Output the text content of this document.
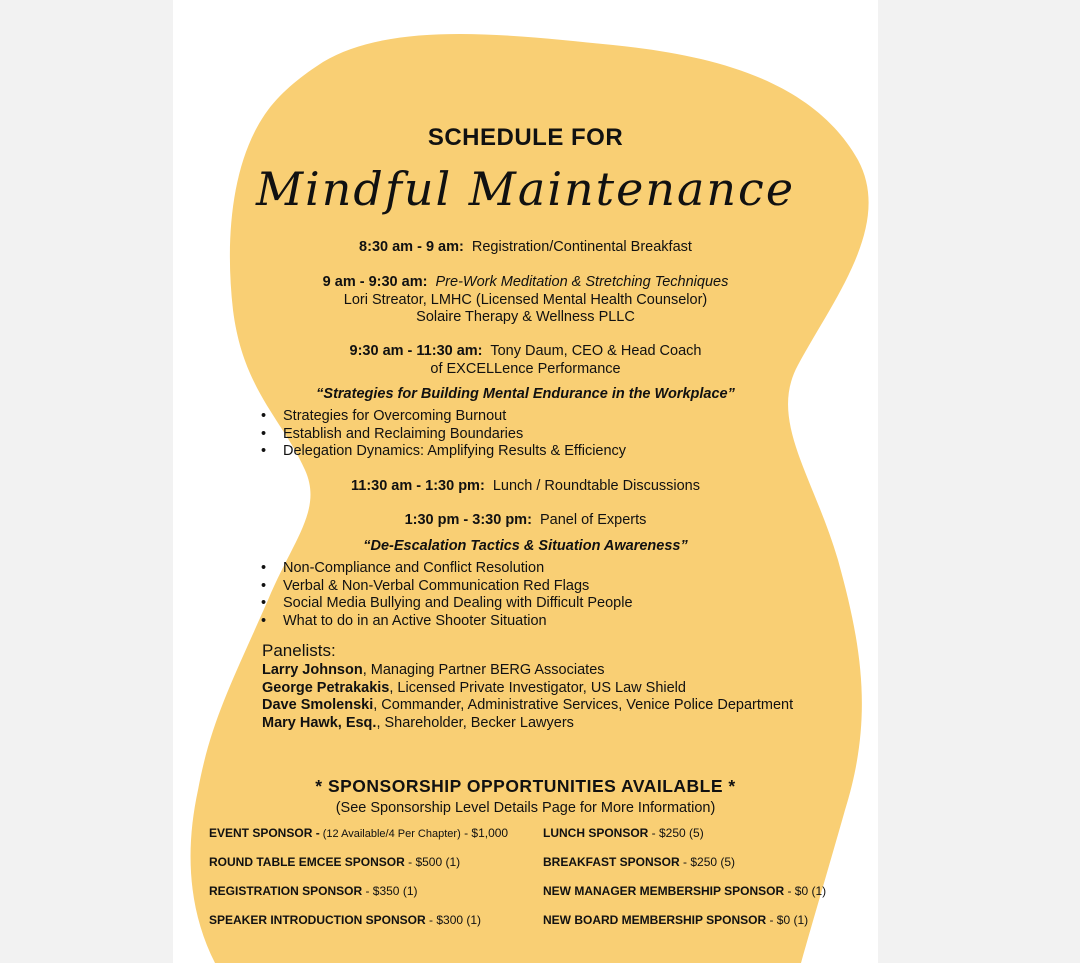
SCHEDULE FOR
Mindful Maintenance
8:30 am - 9 am: Registration/Continental Breakfast
9 am - 9:30 am: Pre-Work Meditation & Stretching Techniques
Lori Streator, LMHC (Licensed Mental Health Counselor)
Solaire Therapy & Wellness PLLC
9:30 am - 11:30 am: Tony Daum, CEO & Head Coach
of EXCELLence Performance
“Strategies for Building Mental Endurance in the Workplace”
• Strategies for Overcoming Burnout
• Establish and Reclaiming Boundaries
• Delegation Dynamics: Amplifying Results & Efficiency
11:30 am - 1:30 pm: Lunch / Roundtable Discussions
1:30 pm - 3:30 pm: Panel of Experts
“De-Escalation Tactics & Situation Awareness”
• Non-Compliance and Conflict Resolution
• Verbal & Non-Verbal Communication Red Flags
• Social Media Bullying and Dealing with Difficult People
• What to do in an Active Shooter Situation
Panelists:
Larry Johnson, Managing Partner BERG Associates
George Petrakakis, Licensed Private Investigator, US Law Shield
Dave Smolenski, Commander, Administrative Services, Venice Police Department
Mary Hawk, Esq., Shareholder, Becker Lawyers
* SPONSORSHIP OPPORTUNITIES AVAILABLE *
(See Sponsorship Level Details Page for More Information)
EVENT SPONSOR - (12 Available/4 Per Chapter) - $1,000
ROUND TABLE EMCEE SPONSOR - $500 (1)
REGISTRATION SPONSOR - $350 (1)
SPEAKER INTRODUCTION SPONSOR - $300 (1)
LUNCH SPONSOR - $250 (5)
BREAKFAST SPONSOR - $250 (5)
NEW MANAGER MEMBERSHIP SPONSOR - $0 (1)
NEW BOARD MEMBERSHIP SPONSOR - $0 (1)
